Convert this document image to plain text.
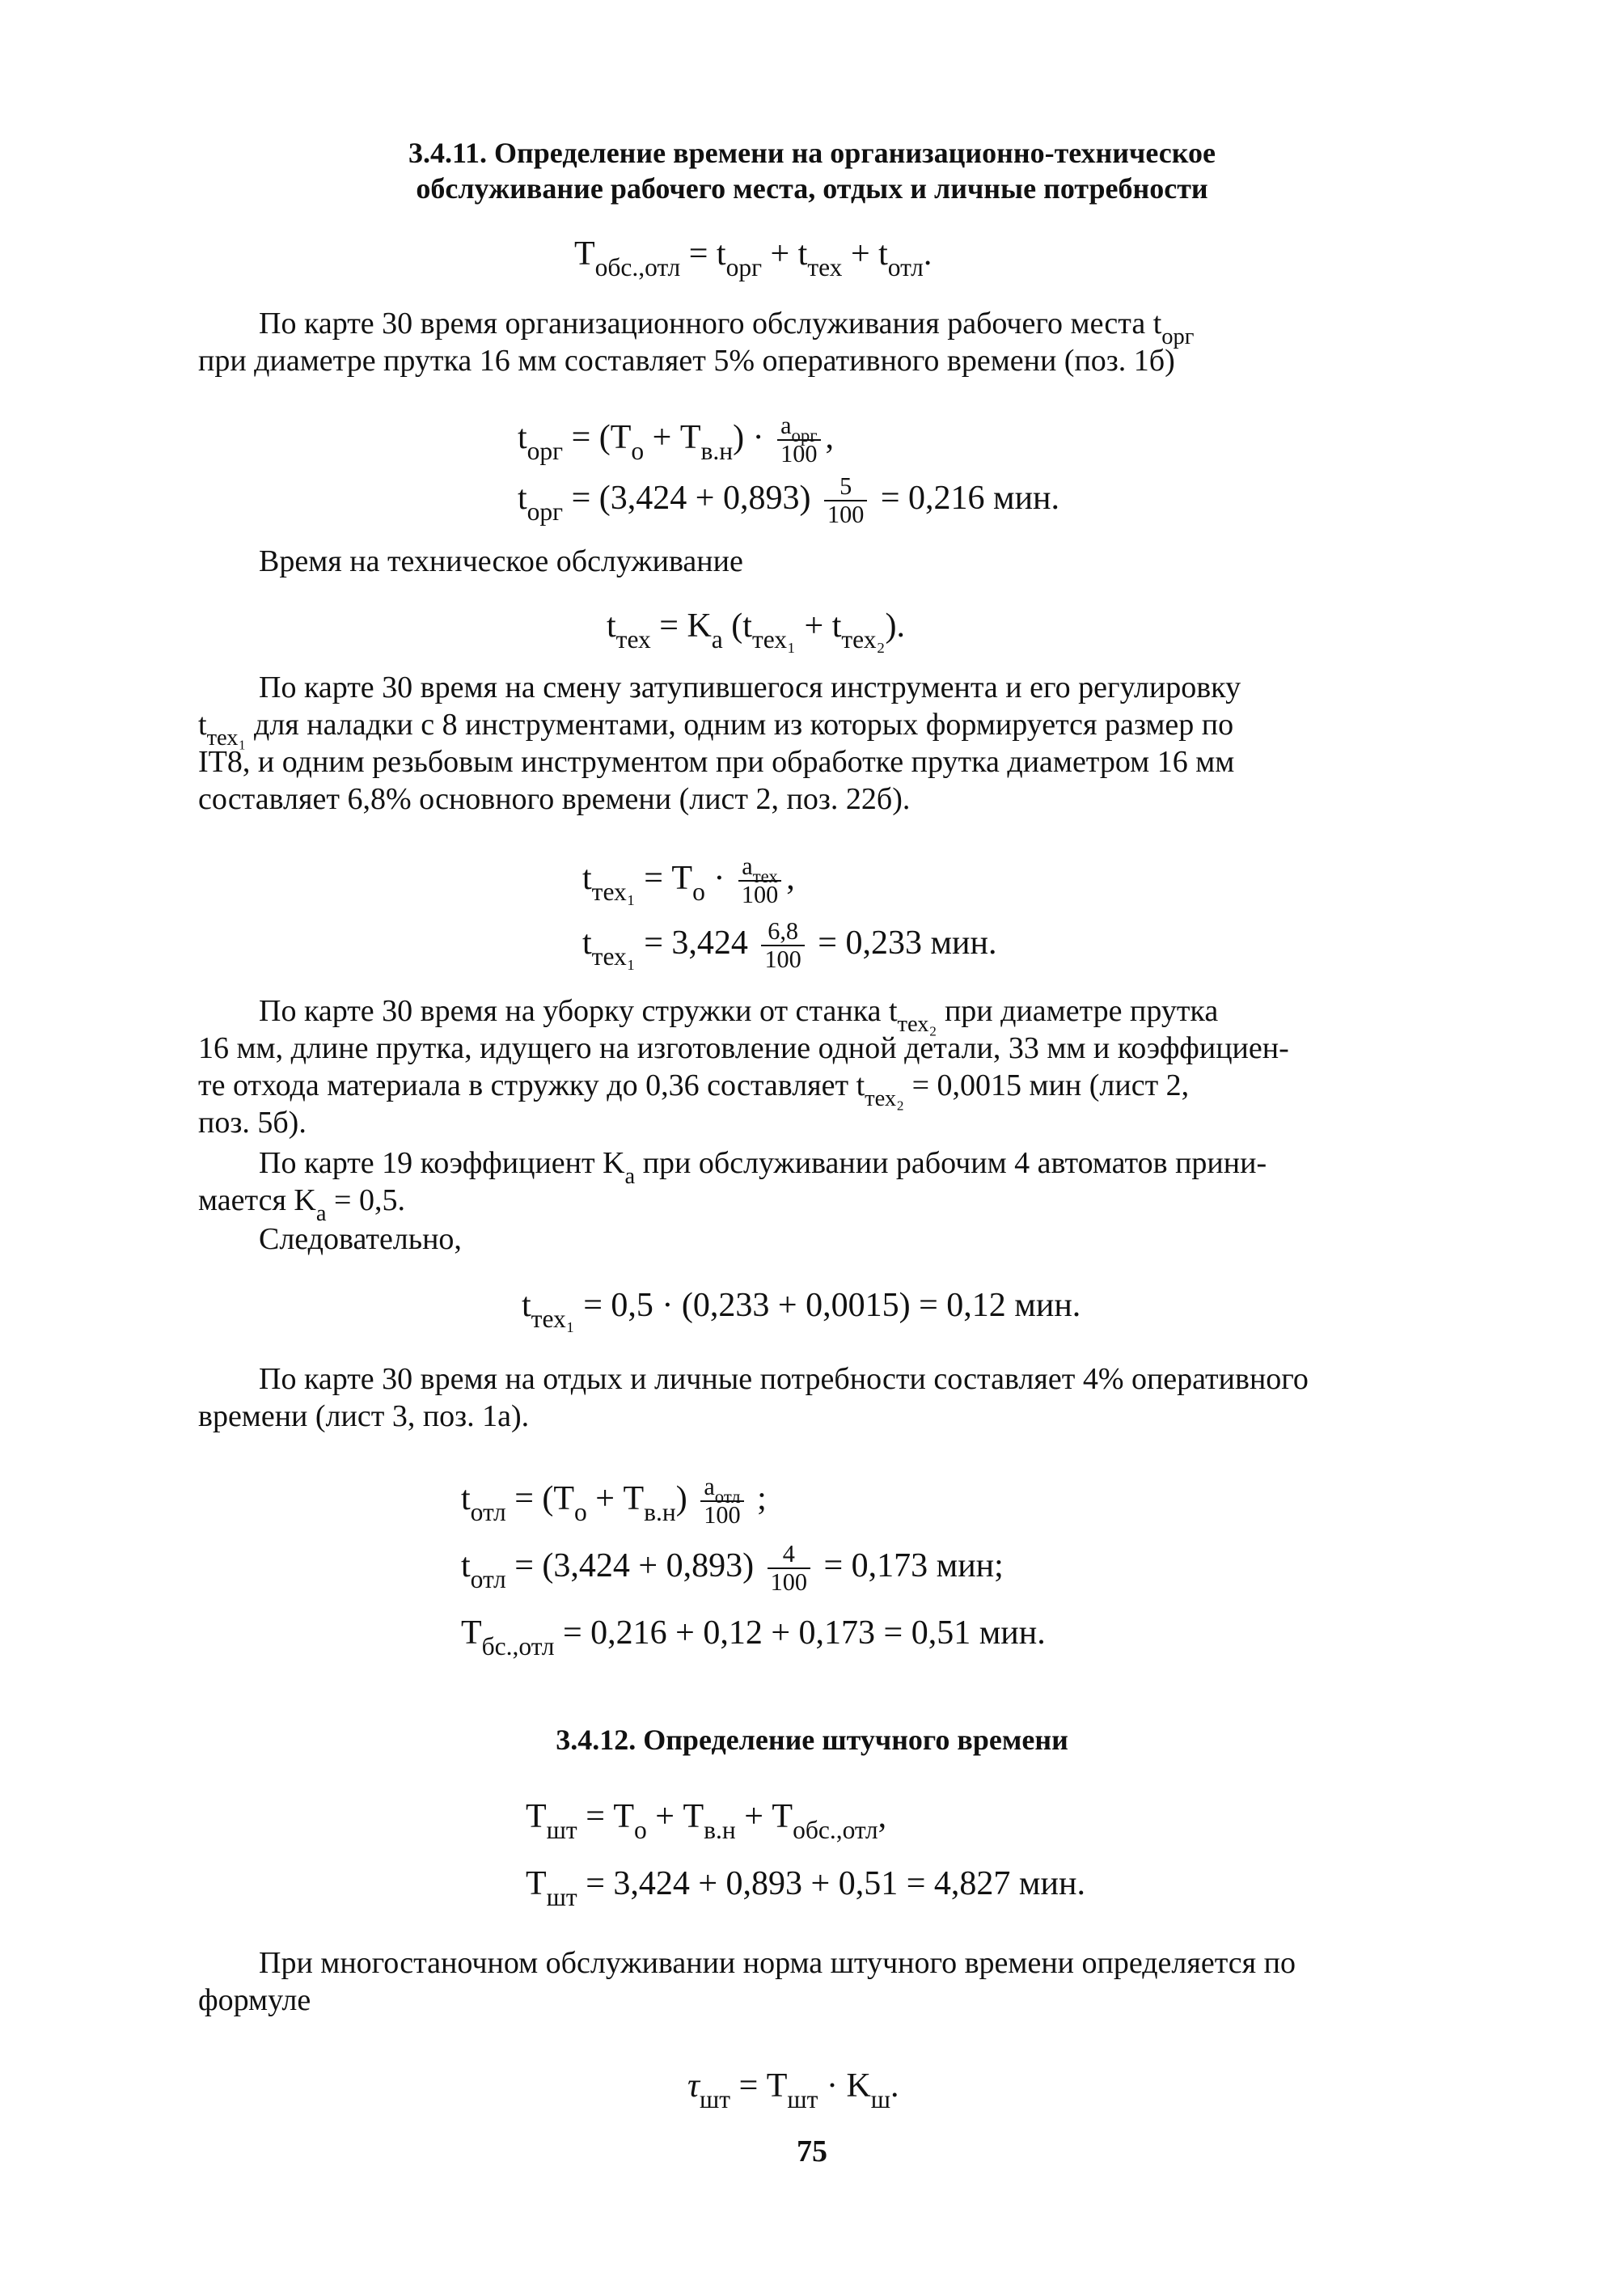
3.4.11. Определение времени на организационно-техническое
обслуживание рабочего места, отдых и личные потребности
$T_{обс.,отл} = t_{орг} + t_{тех} + t_{отл}$.
По карте 30 время организационного обслуживания рабочего места $t_{орг}$
при диаметре прутка 16 мм составляет 5% оперативного времени (поз. 1б)
$t_{орг} = (T_о + T_{в.н}) \cdot \frac{a_{орг}}{100}$ ,
$t_{орг} = (3,424 + 0,893) \frac{5}{100} = 0,216$ мин.
Время на техническое обслуживание
$t_{тех} = K_а$ $(t_{тех_1} + t_{тех_2})$.
По карте 30 время на смену затупившегося инструмента и его регулировку
$t_{тех_1}$ для наладки с 8 инструментами, одним из которых формируется размер по
IT8, и одним резьбовым инструментом при обработке прутка диаметром 16 мм
составляет 6,8% основного времени (лист 2, поз. 22б).
$t_{тех_1} = T_о \cdot \frac{a_{тех}}{100}$ ,
$t_{тех_1} = 3,424 \frac{6,8}{100} = 0,233$ мин.
По карте 30 время на уборку стружки от станка $t_{тех_2}$ при диаметре прутка
16 мм, длине прутка, идущего на изготовление одной детали, 33 мм и коэффициен-
те отхода материала в стружку до 0,36 составляет $t_{тех_2} = 0,0015$ мин (лист 2,
поз. 5б).
По карте 19 коэффициент $K_а$ при обслуживании рабочим 4 автоматов прини-
мается $K_а = 0,5$.
Следовательно,
$t_{тех_1} = 0,5 \cdot (0,233 + 0,0015) = 0,12$ мин.
По карте 30 время на отдых и личные потребности составляет 4% оперативного
времени (лист 3, поз. 1а).
$t_{отл} = (T_о + T_{в.н}) \frac{a_{отл}}{100}$ ;
$t_{отл} = (3,424 + 0,893) \frac{4}{100} = 0,173$ мин;
$T_{бс.,отл} = 0,216 + 0,12 + 0,173 = 0,51$ мин.
3.4.12. Определение штучного времени
$T_{шт} = T_о + T_{в.н} + T_{обс.,отл}$,
$T_{шт} = 3,424 + 0,893 + 0,51 = 4,827$ мин.
При многостаночном обслуживании норма штучного времени определяется по
формуле
$\tau_{шт} = T_{шт} \cdot K_ш$.
75
